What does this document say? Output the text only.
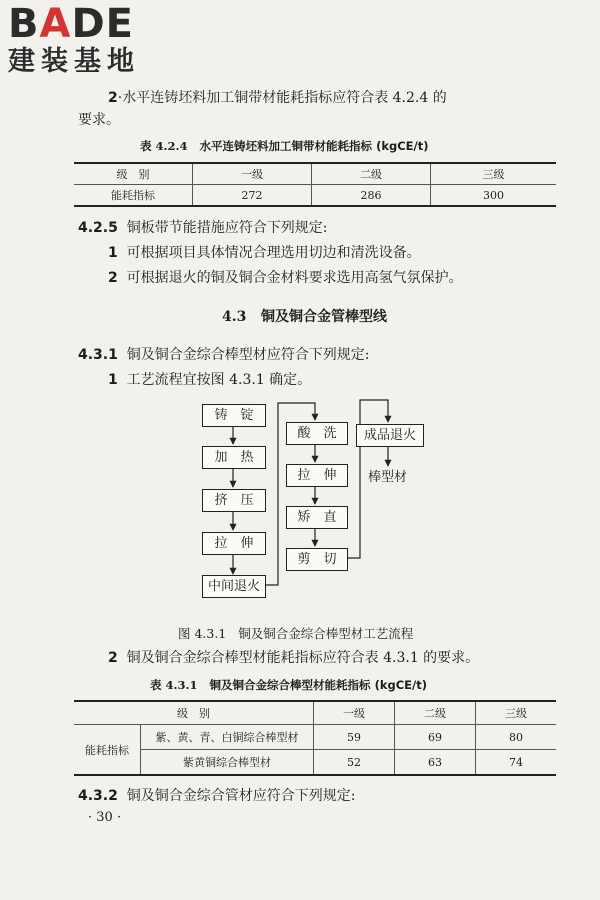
BADE
建装基地
2·水平连铸坯料加工铜带材能耗指标应符合表 4.2.4 的
要求。
表 4.2.4 水平连铸坯料加工铜带材能耗指标 (kgCE/t)
级　别	一级	二级	三级
能耗指标	272	286	300
4.2.5 铜板带节能措施应符合下列规定:
1 可根据项目具体情况合理选用切边和清洗设备。
2 可根据退火的铜及铜合金材料要求选用高氢气氛保护。
4.3 铜及铜合金管棒型线
4.3.1 铜及铜合金综合棒型材应符合下列规定:
1 工艺流程宜按图 4.3.1 确定。
铸　锭
加　热
挤　压
拉　伸
中间退火
酸　洗
拉　伸
矫　直
剪　切
成品退火
棒型材
图 4.3.1 铜及铜合金综合棒型材工艺流程
2 铜及铜合金综合棒型材能耗指标应符合表 4.3.1 的要求。
表 4.3.1 铜及铜合金综合棒型材能耗指标 (kgCE/t)
级　别		一级	二级	三级
能耗指标	紫、黄、青、白铜综合棒型材	59	69	80
	紫黄铜综合棒型材	52	63	74
4.3.2 铜及铜合金综合管材应符合下列规定:
· 30 ·
